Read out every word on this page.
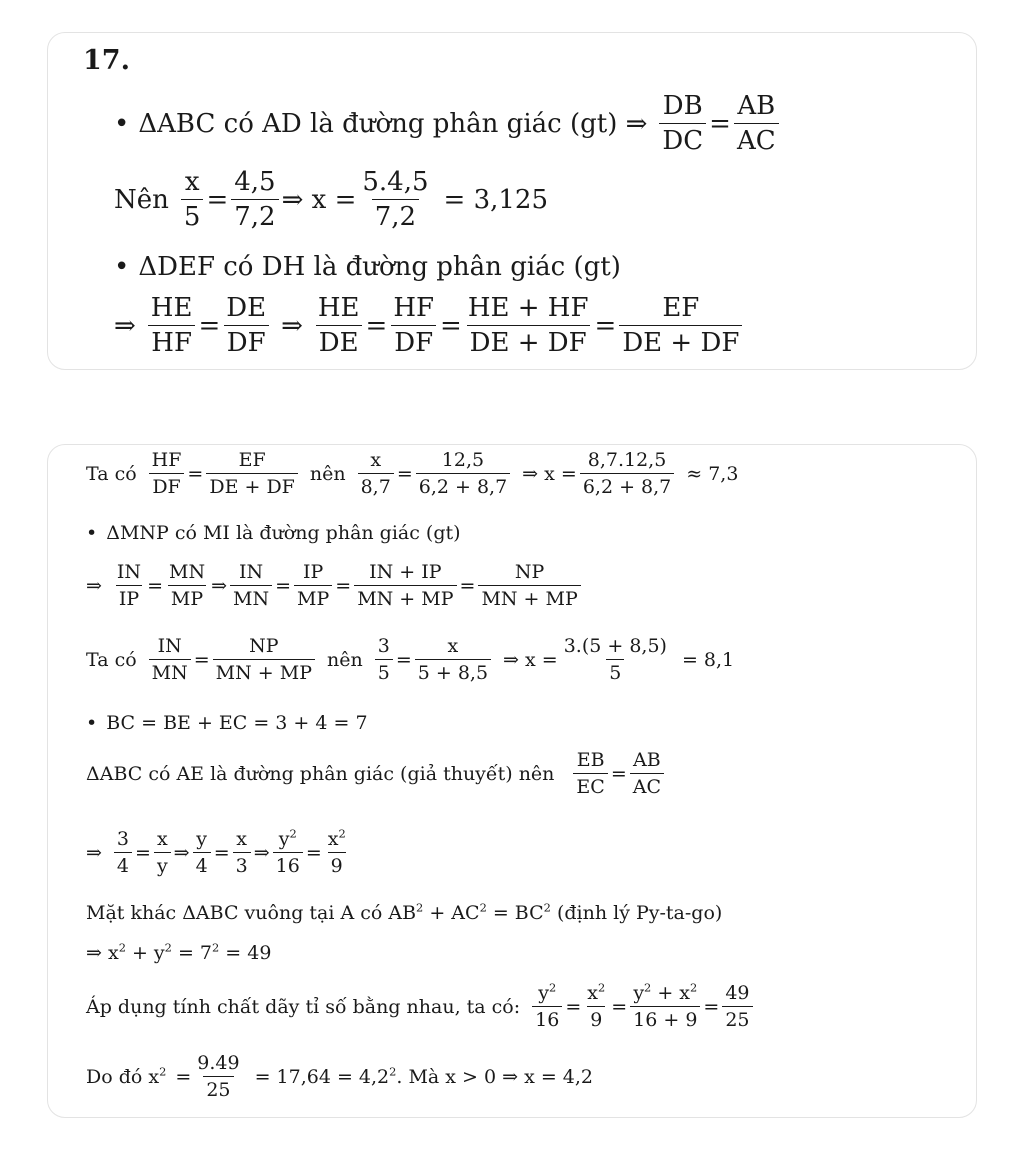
17.
• ΔABC có AD là đường phân giác (gt) ⇒ $\frac{DB}{DC} = \frac{AB}{AC}$
Nên $\frac{x}{5} = \frac{4,5}{7,2}$ ⇒ $x = \frac{5.4,5}{7,2} = 3,125$
• ΔDEF có DH là đường phân giác (gt)
⇒ $\frac{HE}{HF} = \frac{DE}{DF}$ ⇒ $\frac{HE}{DE} = \frac{HF}{DF} = \frac{HE + HF}{DE + DF} = \frac{EF}{DE + DF}$
Ta có $\frac{HF}{DF} = \frac{EF}{DE + DF}$ nên $\frac{x}{8,7} = \frac{12,5}{6,2 + 8,7}$ ⇒ $x = \frac{8,7.12,5}{6,2 + 8,7} \approx 7,3$
• ΔMNP có MI là đường phân giác (gt)
⇒ $\frac{IN}{IP} = \frac{MN}{MP}$ ⇒ $\frac{IN}{MN} = \frac{IP}{MP} = \frac{IN + IP}{MN + MP} = \frac{NP}{MN + MP}$
Ta có $\frac{IN}{MN} = \frac{NP}{MN + MP}$ nên $\frac{3}{5} = \frac{x}{5 + 8,5}$ ⇒ $x = \frac{3.(5 + 8,5)}{5} = 8,1$
• BC = BE + EC = 3 + 4 = 7
ΔABC có AE là đường phân giác (giả thuyết) nên $\frac{EB}{EC} = \frac{AB}{AC}$
⇒ $\frac{3}{4} = \frac{x}{y}$ ⇒ $\frac{y}{4} = \frac{x}{3}$ ⇒ $\frac{y^2}{16} = \frac{x^2}{9}$
Mặt khác ΔABC vuông tại A có $AB^2 + AC^2 = BC^2$ (định lý Py-ta-go)
⇒ $x^2 + y^2 = 7^2 = 49$
Áp dụng tính chất dãy tỉ số bằng nhau, ta có: $\frac{y^2}{16} = \frac{x^2}{9} = \frac{y^2 + x^2}{16 + 9} = \frac{49}{25}$
Do đó $x^2 = \frac{9.49}{25} = 17,64 = 4,2^2$. Mà x > 0 ⇒ x = 4,2
